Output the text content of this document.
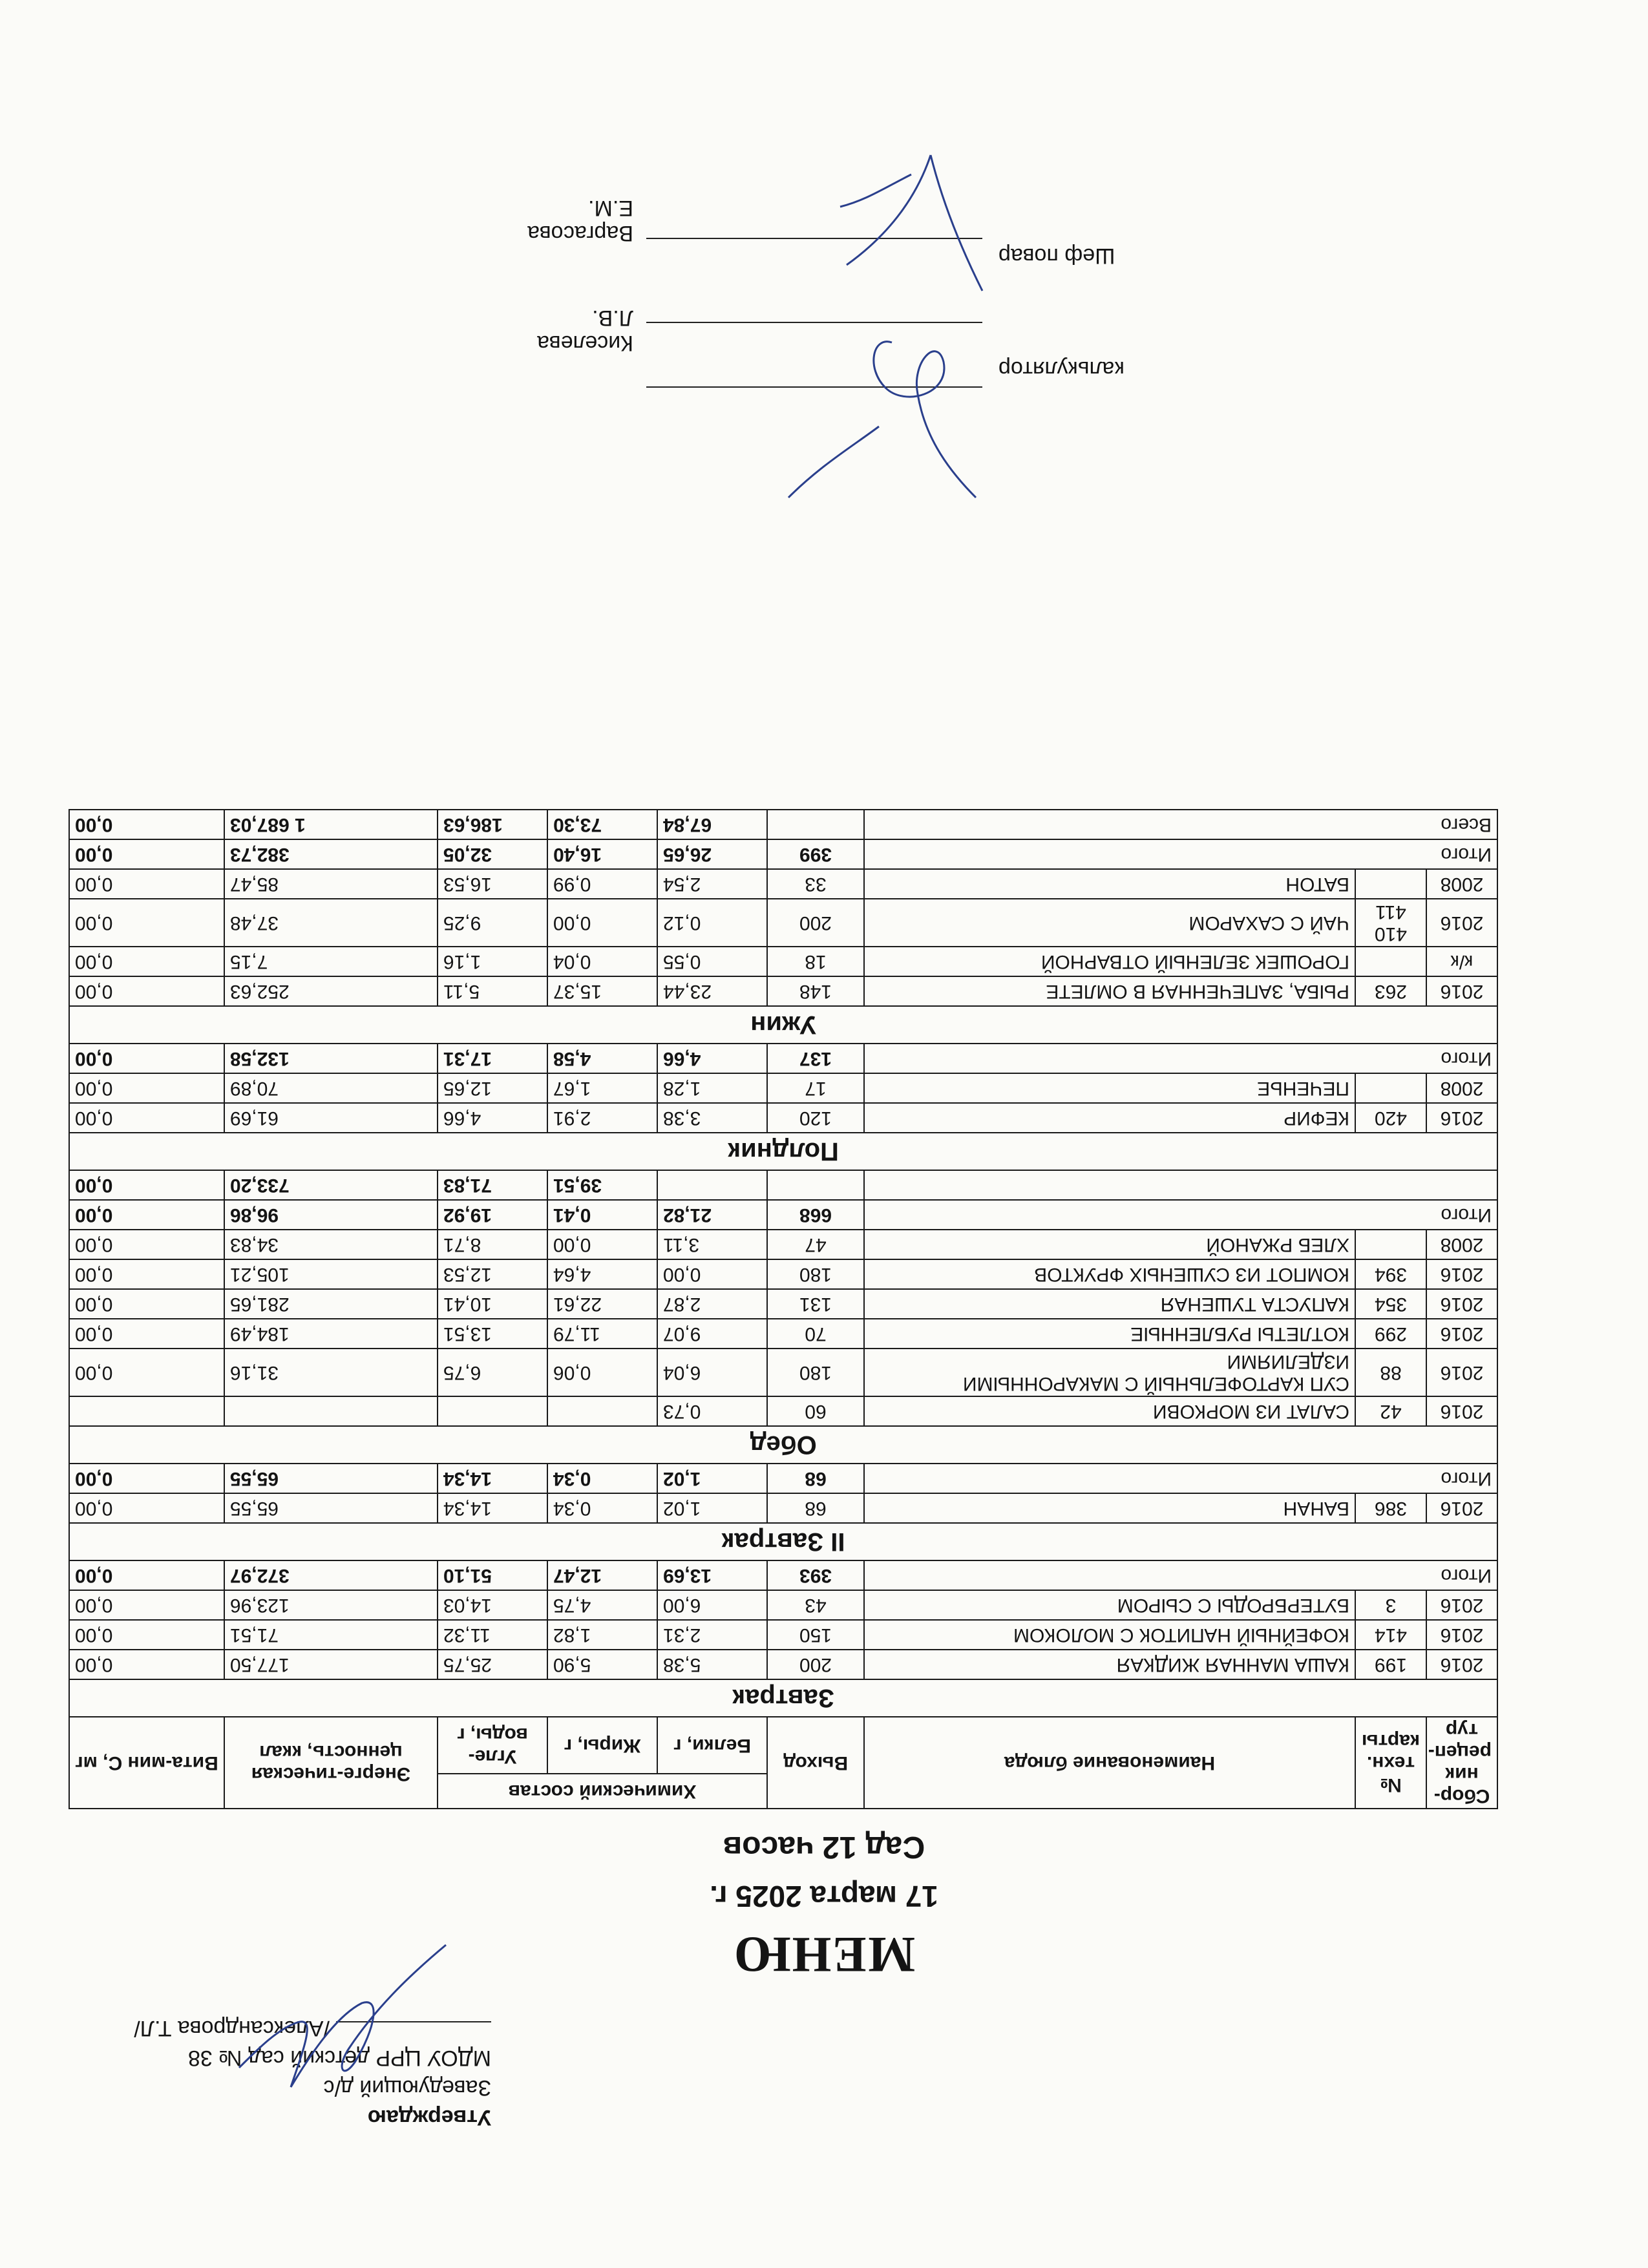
Утверждаю
Заведующий д/с
МДОУ ЦРР детский сад № 38
/Александрова Т.Л/
МЕНЮ
17 марта 2025 г.
Сад 12 часов
Сбор-ник рецеп-тур	№ техн. карты	Наименование блюда	Выход	Химический состав			Энерге-тическая ценность, ккал	Вита-мин С, мг
				Белки, г	Жиры, г	Угле-воды, г		
Завтрак								
2016	199	КАША МАННАЯ ЖИДКАЯ	200	5,38	5,90	25,75	177,50	0,00
2016	414	КОФЕЙНЫЙ НАПИТОК С МОЛОКОМ	150	2,31	1,82	11,32	71,51	0,00
2016	3	БУТЕРБРОДЫ С СЫРОМ	43	6,00	4,75	14,03	123,96	0,00
Итого			393	13,69	12,47	51,10	372,97	0,00
II Завтрак								
2016	386	БАНАН	68	1,02	0,34	14,34	65,55	0,00
Итого			68	1,02	0,34	14,34	65,55	0,00
Обед								
2016	42	САЛАТ ИЗ МОРКОВИ	60	0,73				
2016	88	СУП КАРТОФЕЛЬНЫЙ С МАКАРОННЫМИ ИЗДЕЛИЯМИ	180	6,04	0,06	6,75	31,16	0,00
2016	299	КОТЛЕТЫ РУБЛЕННЫЕ	70	9,07	11,79	13,51	184,49	0,00
2016	354	КАПУСТА ТУШЕНАЯ	131	2,87	22,61	10,41	281,65	0,00
2016	394	КОМПОТ ИЗ СУШЕНЫХ ФРУКТОВ	180	0,00	4,64	12,53	105,21	0,00
2008		ХЛЕБ РЖАНОЙ	47	3,11	0,00	8,71	34,83	0,00
Итого			668	21,82	0,41	19,92	96,86	0,00
					39,51	71,83	733,20	0,00
Полдник								
2016	420	КЕФИР	120	3,38	2,91	4,66	61,69	0,00
2008		ПЕЧЕНЬЕ	17	1,28	1,67	12,65	70,89	0,00
Итого			137	4,66	4,58	17,31	132,58	0,00
Ужин								
2016	263	РЫБА, ЗАПЕЧЕННАЯ В ОМЛЕТЕ	148	23,44	15,37	5,11	252,63	0,00
к/к		ГОРОШЕК ЗЕЛЕНЫЙ ОТВАРНОЙ	18	0,55	0,04	1,16	7,15	0,00
2016	410 411	ЧАЙ С САХАРОМ	200	0,12	0,00	9,25	37,48	0,00
2008		БАТОН	33	2,54	0,99	16,53	85,47	0,00
Итого			399	26,65	16,40	32,05	382,73	0,00
Всего				67,84	73,30	186,63	1 687,03	0,00
калькулятор
Киселева Л.В.
Шеф повар
Варгасова Е.М.
